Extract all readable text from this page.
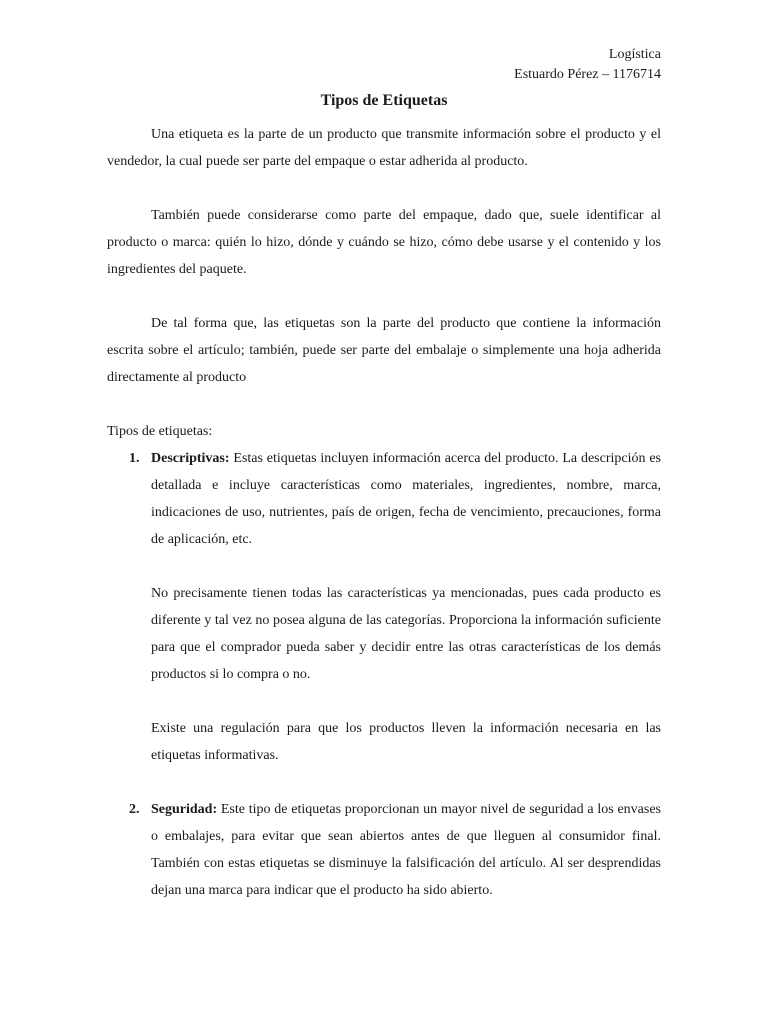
Logística
Estuardo Pérez – 1176714
Tipos de Etiquetas

Una etiqueta es la parte de un producto que transmite información sobre el producto y el vendedor, la cual puede ser parte del empaque o estar adherida al producto.

También puede considerarse como parte del empaque, dado que, suele identificar al producto o marca: quién lo hizo, dónde y cuándo se hizo, cómo debe usarse y el contenido y los ingredientes del paquete.

De tal forma que, las etiquetas son la parte del producto que contiene la información escrita sobre el artículo; también, puede ser parte del embalaje o simplemente una hoja adherida directamente al producto

Tipos de etiquetas:

1. Descriptivas: Estas etiquetas incluyen información acerca del producto. La descripción es detallada e incluye características como materiales, ingredientes, nombre, marca, indicaciones de uso, nutrientes, país de origen, fecha de vencimiento, precauciones, forma de aplicación, etc.

No precisamente tienen todas las características ya mencionadas, pues cada producto es diferente y tal vez no posea alguna de las categorías. Proporciona la información suficiente para que el comprador pueda saber y decidir entre las otras características de los demás productos si lo compra o no.

Existe una regulación para que los productos lleven la información necesaria en las etiquetas informativas.

2. Seguridad: Este tipo de etiquetas proporcionan un mayor nivel de seguridad a los envases o embalajes, para evitar que sean abiertos antes de que lleguen al consumidor final. También con estas etiquetas se disminuye la falsificación del artículo. Al ser desprendidas dejan una marca para indicar que el producto ha sido abierto.
